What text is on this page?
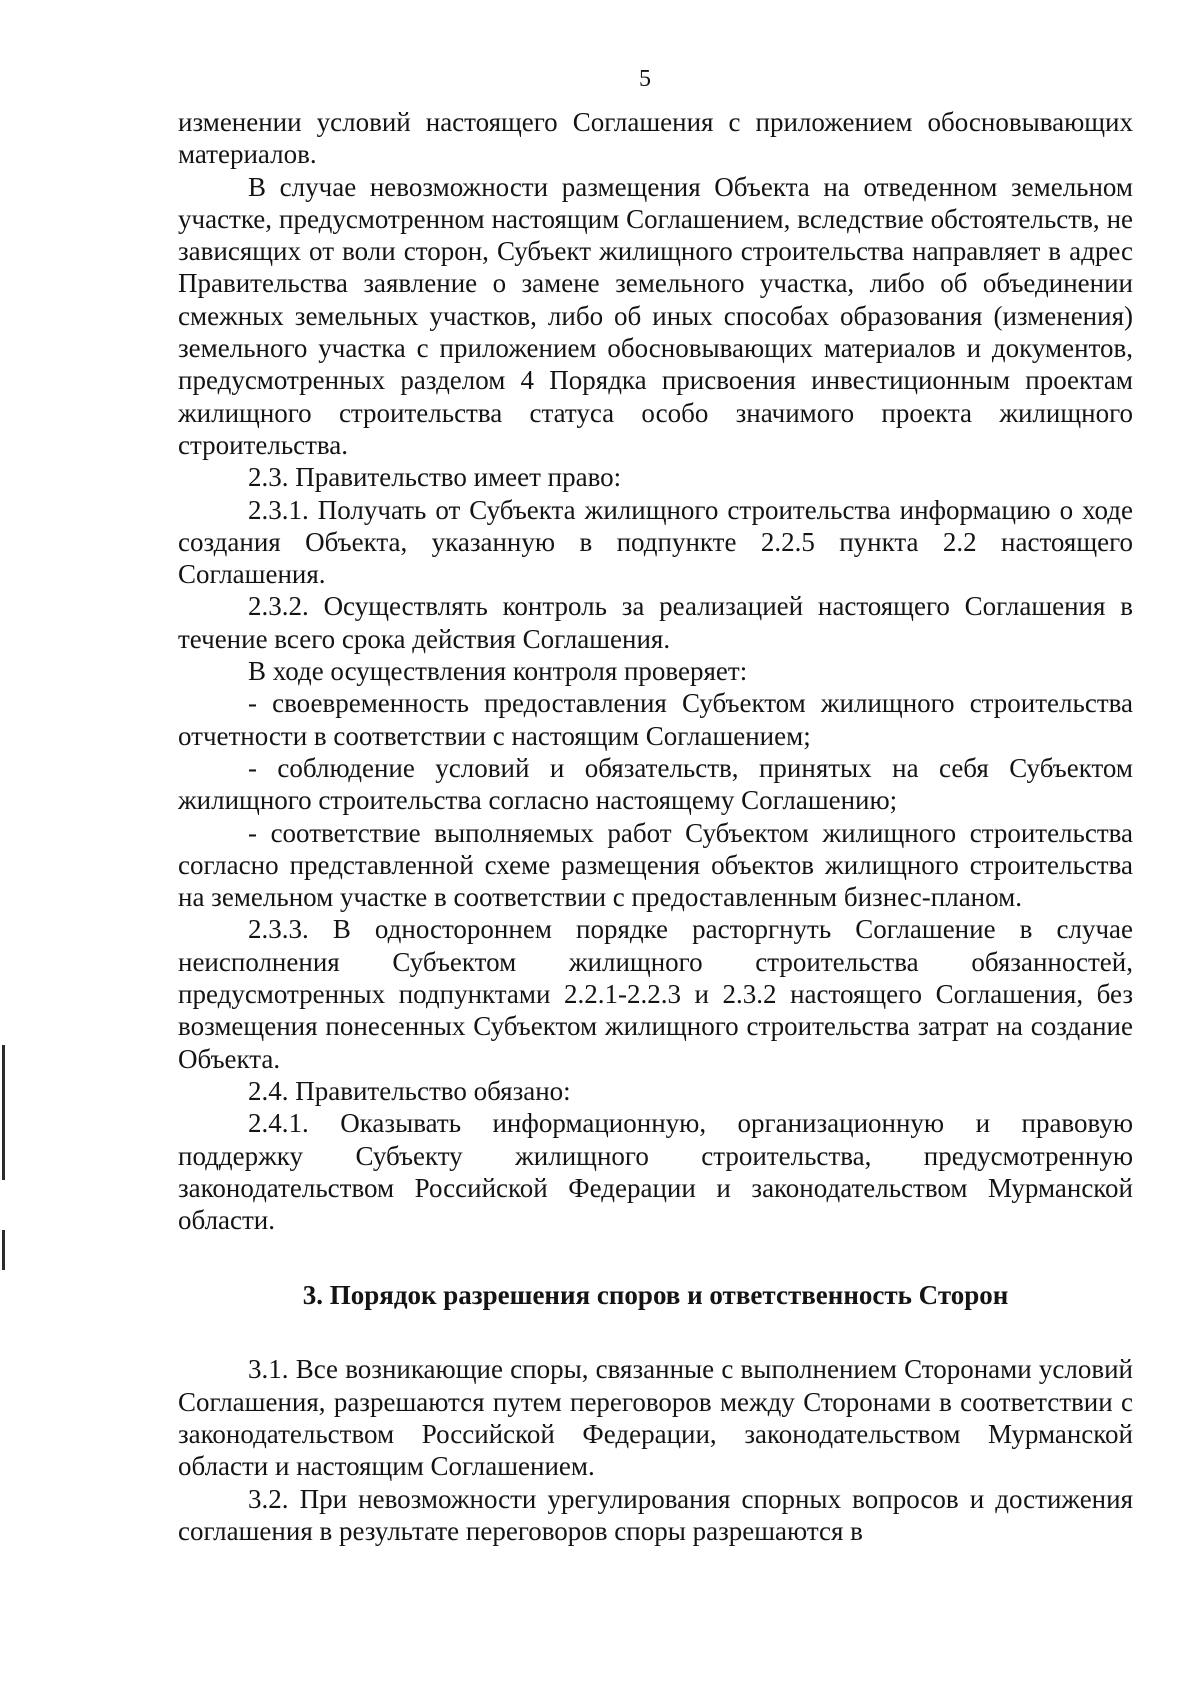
5

изменении условий настоящего Соглашения с приложением обосновывающих материалов.

В случае невозможности размещения Объекта на отведенном земельном участке, предусмотренном настоящим Соглашением, вследствие обстоятельств, не зависящих от воли сторон, Субъект жилищного строительства направляет в адрес Правительства заявление о замене земельного участка, либо об объединении смежных земельных участков, либо об иных способах образования (изменения) земельного участка с приложением обосновывающих материалов и документов, предусмотренных разделом 4 Порядка присвоения инвестиционным проектам жилищного строительства статуса особо значимого проекта жилищного строительства.

2.3. Правительство имеет право:

2.3.1. Получать от Субъекта жилищного строительства информацию о ходе создания Объекта, указанную в подпункте 2.2.5 пункта 2.2 настоящего Соглашения.

2.3.2. Осуществлять контроль за реализацией настоящего Соглашения в течение всего срока действия Соглашения.

В ходе осуществления контроля проверяет:

- своевременность предоставления Субъектом жилищного строительства отчетности в соответствии с настоящим Соглашением;

- соблюдение условий и обязательств, принятых на себя Субъектом жилищного строительства согласно настоящему Соглашению;

- соответствие выполняемых работ Субъектом жилищного строительства согласно представленной схеме размещения объектов жилищного строительства на земельном участке в соответствии с предоставленным бизнес-планом.

2.3.3. В одностороннем порядке расторгнуть Соглашение в случае неисполнения Субъектом жилищного строительства обязанностей, предусмотренных подпунктами 2.2.1-2.2.3 и 2.3.2 настоящего Соглашения, без возмещения понесенных Субъектом жилищного строительства затрат на создание Объекта.

2.4. Правительство обязано:

2.4.1. Оказывать информационную, организационную и правовую поддержку Субъекту жилищного строительства, предусмотренную законодательством Российской Федерации и законодательством Мурманской области.

3. Порядок разрешения споров и ответственность Сторон

3.1. Все возникающие споры, связанные с выполнением Сторонами условий Соглашения, разрешаются путем переговоров между Сторонами в соответствии с законодательством Российской Федерации, законодательством Мурманской области и настоящим Соглашением.

3.2. При невозможности урегулирования спорных вопросов и достижения соглашения в результате переговоров споры разрешаются в
